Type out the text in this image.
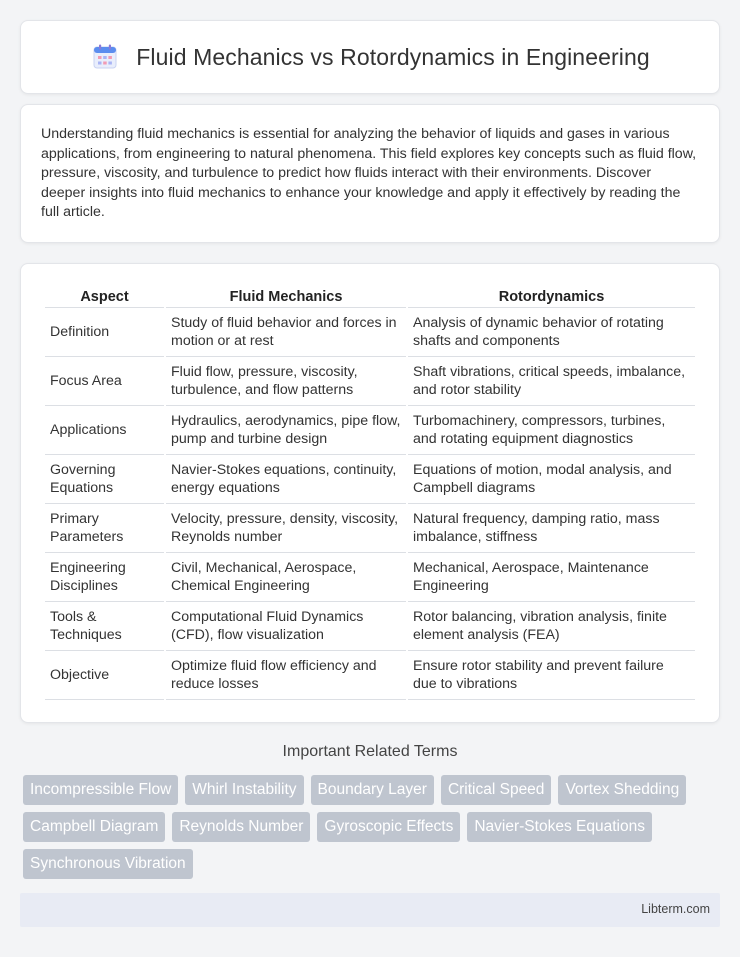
Fluid Mechanics vs Rotordynamics in Engineering

Understanding fluid mechanics is essential for analyzing the behavior of liquids and gases in various applications, from engineering to natural phenomena. This field explores key concepts such as fluid flow, pressure, viscosity, and turbulence to predict how fluids interact with their environments. Discover deeper insights into fluid mechanics to enhance your knowledge and apply it effectively by reading the full article.

Aspect	Fluid Mechanics	Rotordynamics
Definition	Study of fluid behavior and forces in motion or at rest	Analysis of dynamic behavior of rotating shafts and components
Focus Area	Fluid flow, pressure, viscosity, turbulence, and flow patterns	Shaft vibrations, critical speeds, imbalance, and rotor stability
Applications	Hydraulics, aerodynamics, pipe flow, pump and turbine design	Turbomachinery, compressors, turbines, and rotating equipment diagnostics
Governing Equations	Navier-Stokes equations, continuity, energy equations	Equations of motion, modal analysis, and Campbell diagrams
Primary Parameters	Velocity, pressure, density, viscosity, Reynolds number	Natural frequency, damping ratio, mass imbalance, stiffness
Engineering Disciplines	Civil, Mechanical, Aerospace, Chemical Engineering	Mechanical, Aerospace, Maintenance Engineering
Tools & Techniques	Computational Fluid Dynamics (CFD), flow visualization	Rotor balancing, vibration analysis, finite element analysis (FEA)
Objective	Optimize fluid flow efficiency and reduce losses	Ensure rotor stability and prevent failure due to vibrations
Important Related Terms
Incompressible Flow	Whirl Instability	Boundary Layer	Critical Speed	Vortex Shedding
Campbell Diagram	Reynolds Number	Gyroscopic Effects	Navier-Stokes Equations
Synchronous Vibration
Libterm.com
